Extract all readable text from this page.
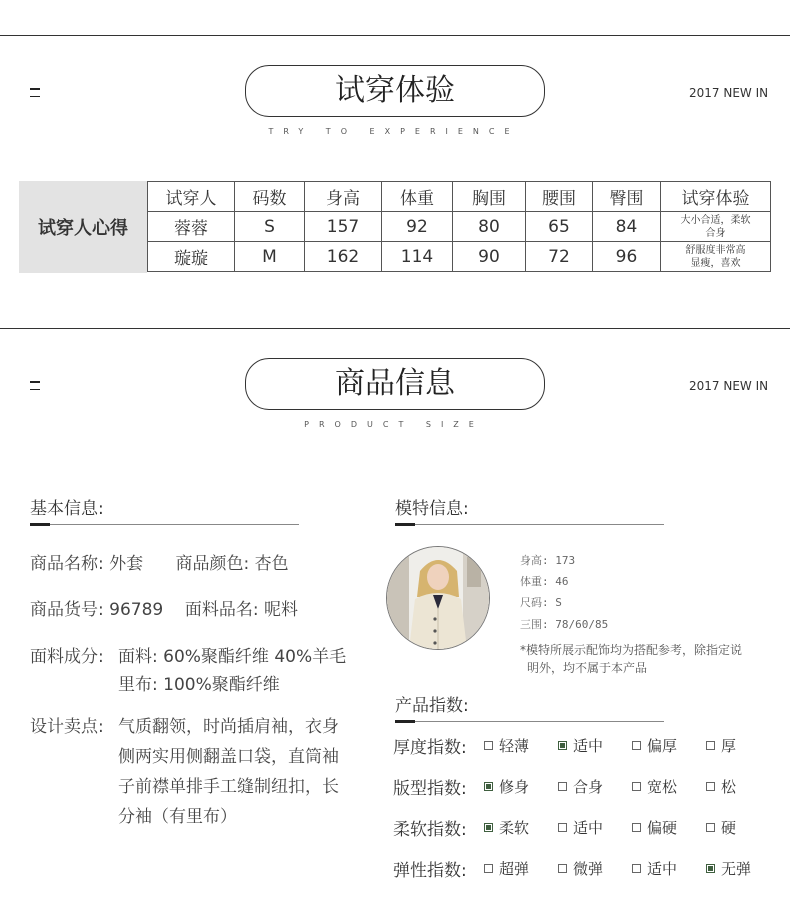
试穿体验
TRY TO EXPERIENCE
2017 NEW IN
试穿人心得
试穿人	码数	身高	体重	胸围	腰围	臀围	试穿体验
蓉蓉	S	157	92	80	65	84	大小合适，柔软
合身

璇璇	M	162	114	90	72	96	舒服度非常高
显瘦，喜欢
商品信息
PRODUCT SIZE
2017 NEW IN
基本信息:
商品名称: 外套      商品颜色: 杏色
商品货号: 96789    面料品名: 呢料
面料成分: 面料: 60%聚酯纤维 40%羊毛
里布: 100%聚酯纤维
设计卖点: 气质翻领，时尚插肩袖，衣身
侧两实用侧翻盖口袋，直筒袖
子前襟单排手工缝制纽扣，长
分袖（有里布）
模特信息:
身高: 173
体重: 46
尺码: S
三围: 78/60/85
*模特所展示配饰均为搭配参考，除指定说
明外，均不属于本产品
产品指数:
厚度指数: 轻薄	适中	偏厚	厚
版型指数: 修身	合身	宽松	松
柔软指数: 柔软	适中	偏硬	硬
弹性指数: 超弹	微弹	适中	无弹
